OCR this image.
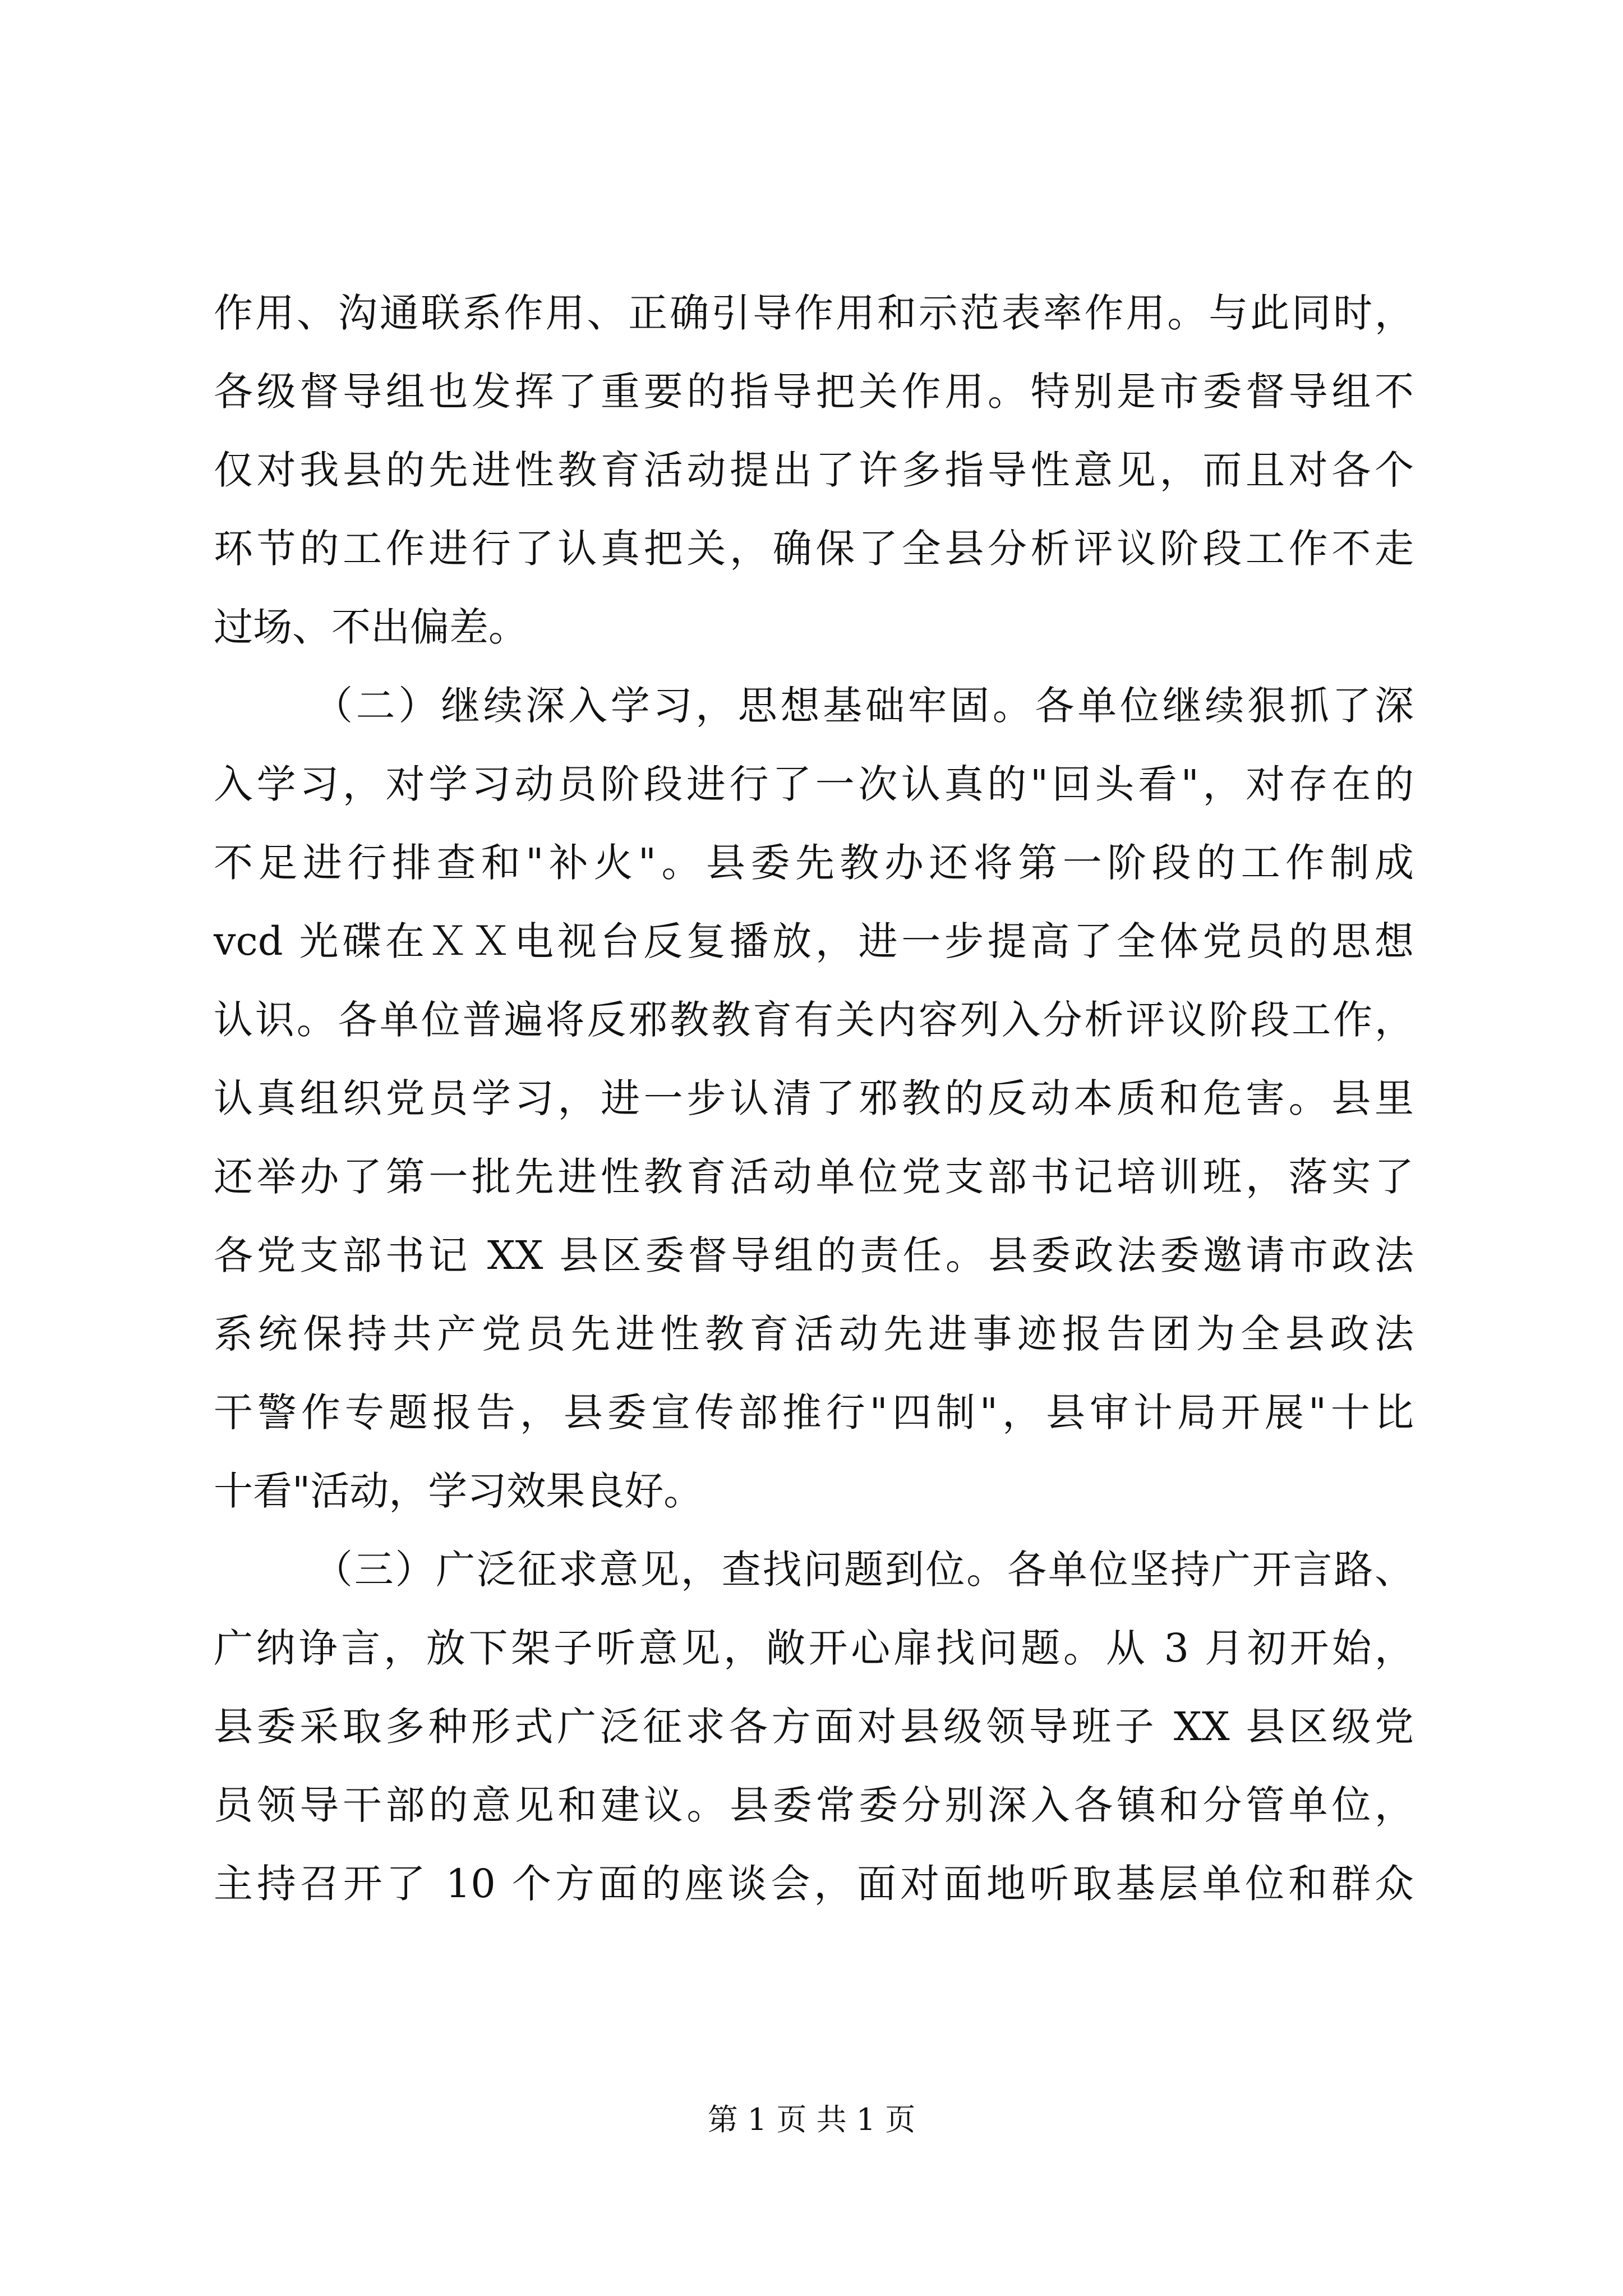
作用、沟通联系作用、正确引导作用和示范表率作用。与此同时，
各级督导组也发挥了重要的指导把关作用。特别是市委督导组不
仅对我县的先进性教育活动提出了许多指导性意见，而且对各个
环节的工作进行了认真把关，确保了全县分析评议阶段工作不走
过场、不出偏差。
（二）继续深入学习，思想基础牢固。各单位继续狠抓了深
入学习，对学习动员阶段进行了一次认真的"回头看"，对存在的
不足进行排查和"补火"。县委先教办还将第一阶段的工作制成
vcd 光碟在ＸＸ电视台反复播放，进一步提高了全体党员的思想
认识。各单位普遍将反邪教教育有关内容列入分析评议阶段工作，
认真组织党员学习，进一步认清了邪教的反动本质和危害。县里
还举办了第一批先进性教育活动单位党支部书记培训班，落实了
各党支部书记 XX 县区委督导组的责任。县委政法委邀请市政法
系统保持共产党员先进性教育活动先进事迹报告团为全县政法
干警作专题报告，县委宣传部推行"四制"，县审计局开展"十比
十看"活动，学习效果良好。
（三）广泛征求意见，查找问题到位。各单位坚持广开言路、
广纳诤言，放下架子听意见，敞开心扉找问题。从 3 月初开始，
县委采取多种形式广泛征求各方面对县级领导班子 XX 县区级党
员领导干部的意见和建议。县委常委分别深入各镇和分管单位，
主持召开了 10 个方面的座谈会，面对面地听取基层单位和群众
第 1 页 共 1 页
